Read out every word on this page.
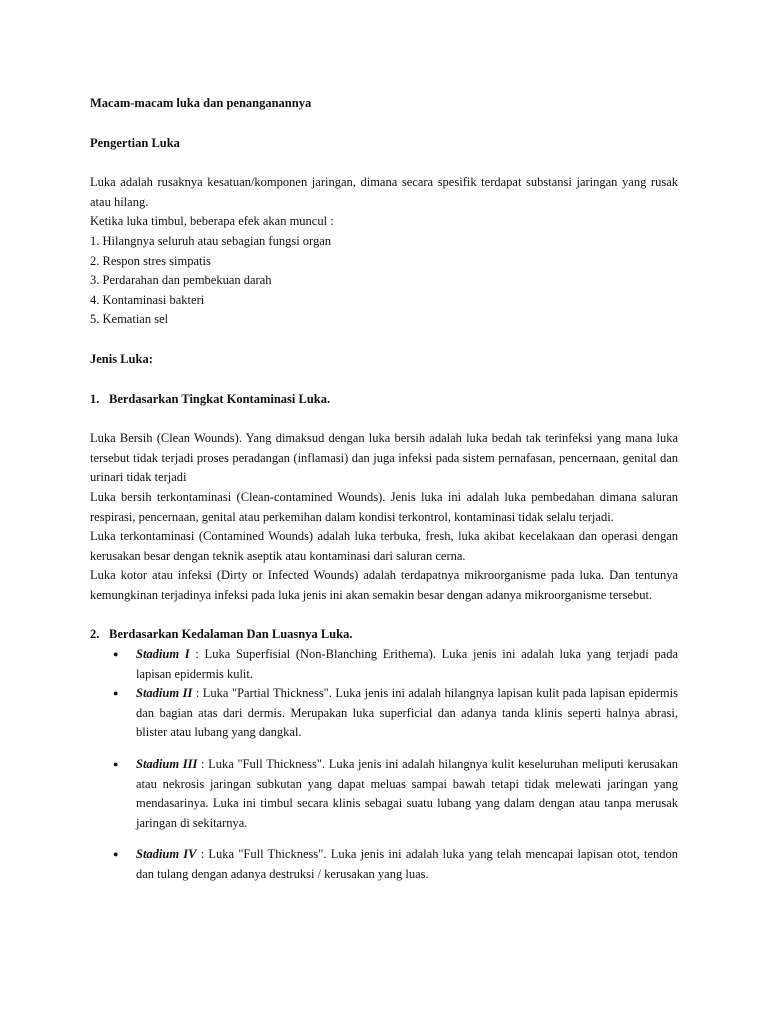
Macam-macam luka dan penanganannya

Pengertian Luka

Luka adalah rusaknya kesatuan/komponen jaringan, dimana secara spesifik terdapat substansi jaringan yang rusak atau hilang.

Ketika luka timbul, beberapa efek akan muncul :

1. Hilangnya seluruh atau sebagian fungsi organ

2. Respon stres simpatis

3. Perdarahan dan pembekuan darah

4. Kontaminasi bakteri

5. Kematian sel

Jenis Luka:

1. Berdasarkan Tingkat Kontaminasi Luka.

Luka Bersih (Clean Wounds). Yang dimaksud dengan luka bersih adalah luka bedah tak terinfeksi yang mana luka tersebut tidak terjadi proses peradangan (inflamasi) dan juga infeksi pada sistem pernafasan, pencernaan, genital dan urinari tidak terjadi

Luka bersih terkontaminasi (Clean-contamined Wounds). Jenis luka ini adalah luka pembedahan dimana saluran respirasi, pencernaan, genital atau perkemihan dalam kondisi terkontrol, kontaminasi tidak selalu terjadi.

Luka terkontaminasi (Contamined Wounds) adalah luka terbuka, fresh, luka akibat kecelakaan dan operasi dengan kerusakan besar dengan teknik aseptik atau kontaminasi dari saluran cerna.

Luka kotor atau infeksi (Dirty or Infected Wounds) adalah terdapatnya mikroorganisme pada luka. Dan tentunya kemungkinan terjadinya infeksi pada luka jenis ini akan semakin besar dengan adanya mikroorganisme tersebut.

2. Berdasarkan Kedalaman Dan Luasnya Luka.

● Stadium I : Luka Superfisial (Non-Blanching Erithema). Luka jenis ini adalah luka yang terjadi pada lapisan epidermis kulit.
● Stadium II : Luka "Partial Thickness". Luka jenis ini adalah hilangnya lapisan kulit pada lapisan epidermis dan bagian atas dari dermis. Merupakan luka superficial dan adanya tanda klinis seperti halnya abrasi, blister atau lubang yang dangkal.
● Stadium III : Luka "Full Thickness". Luka jenis ini adalah hilangnya kulit keseluruhan meliputi kerusakan atau nekrosis jaringan subkutan yang dapat meluas sampai bawah tetapi tidak melewati jaringan yang mendasarinya. Luka ini timbul secara klinis sebagai suatu lubang yang dalam dengan atau tanpa merusak jaringan di sekitarnya.
● Stadium IV : Luka "Full Thickness". Luka jenis ini adalah luka yang telah mencapai lapisan otot, tendon dan tulang dengan adanya destruksi / kerusakan yang luas.
